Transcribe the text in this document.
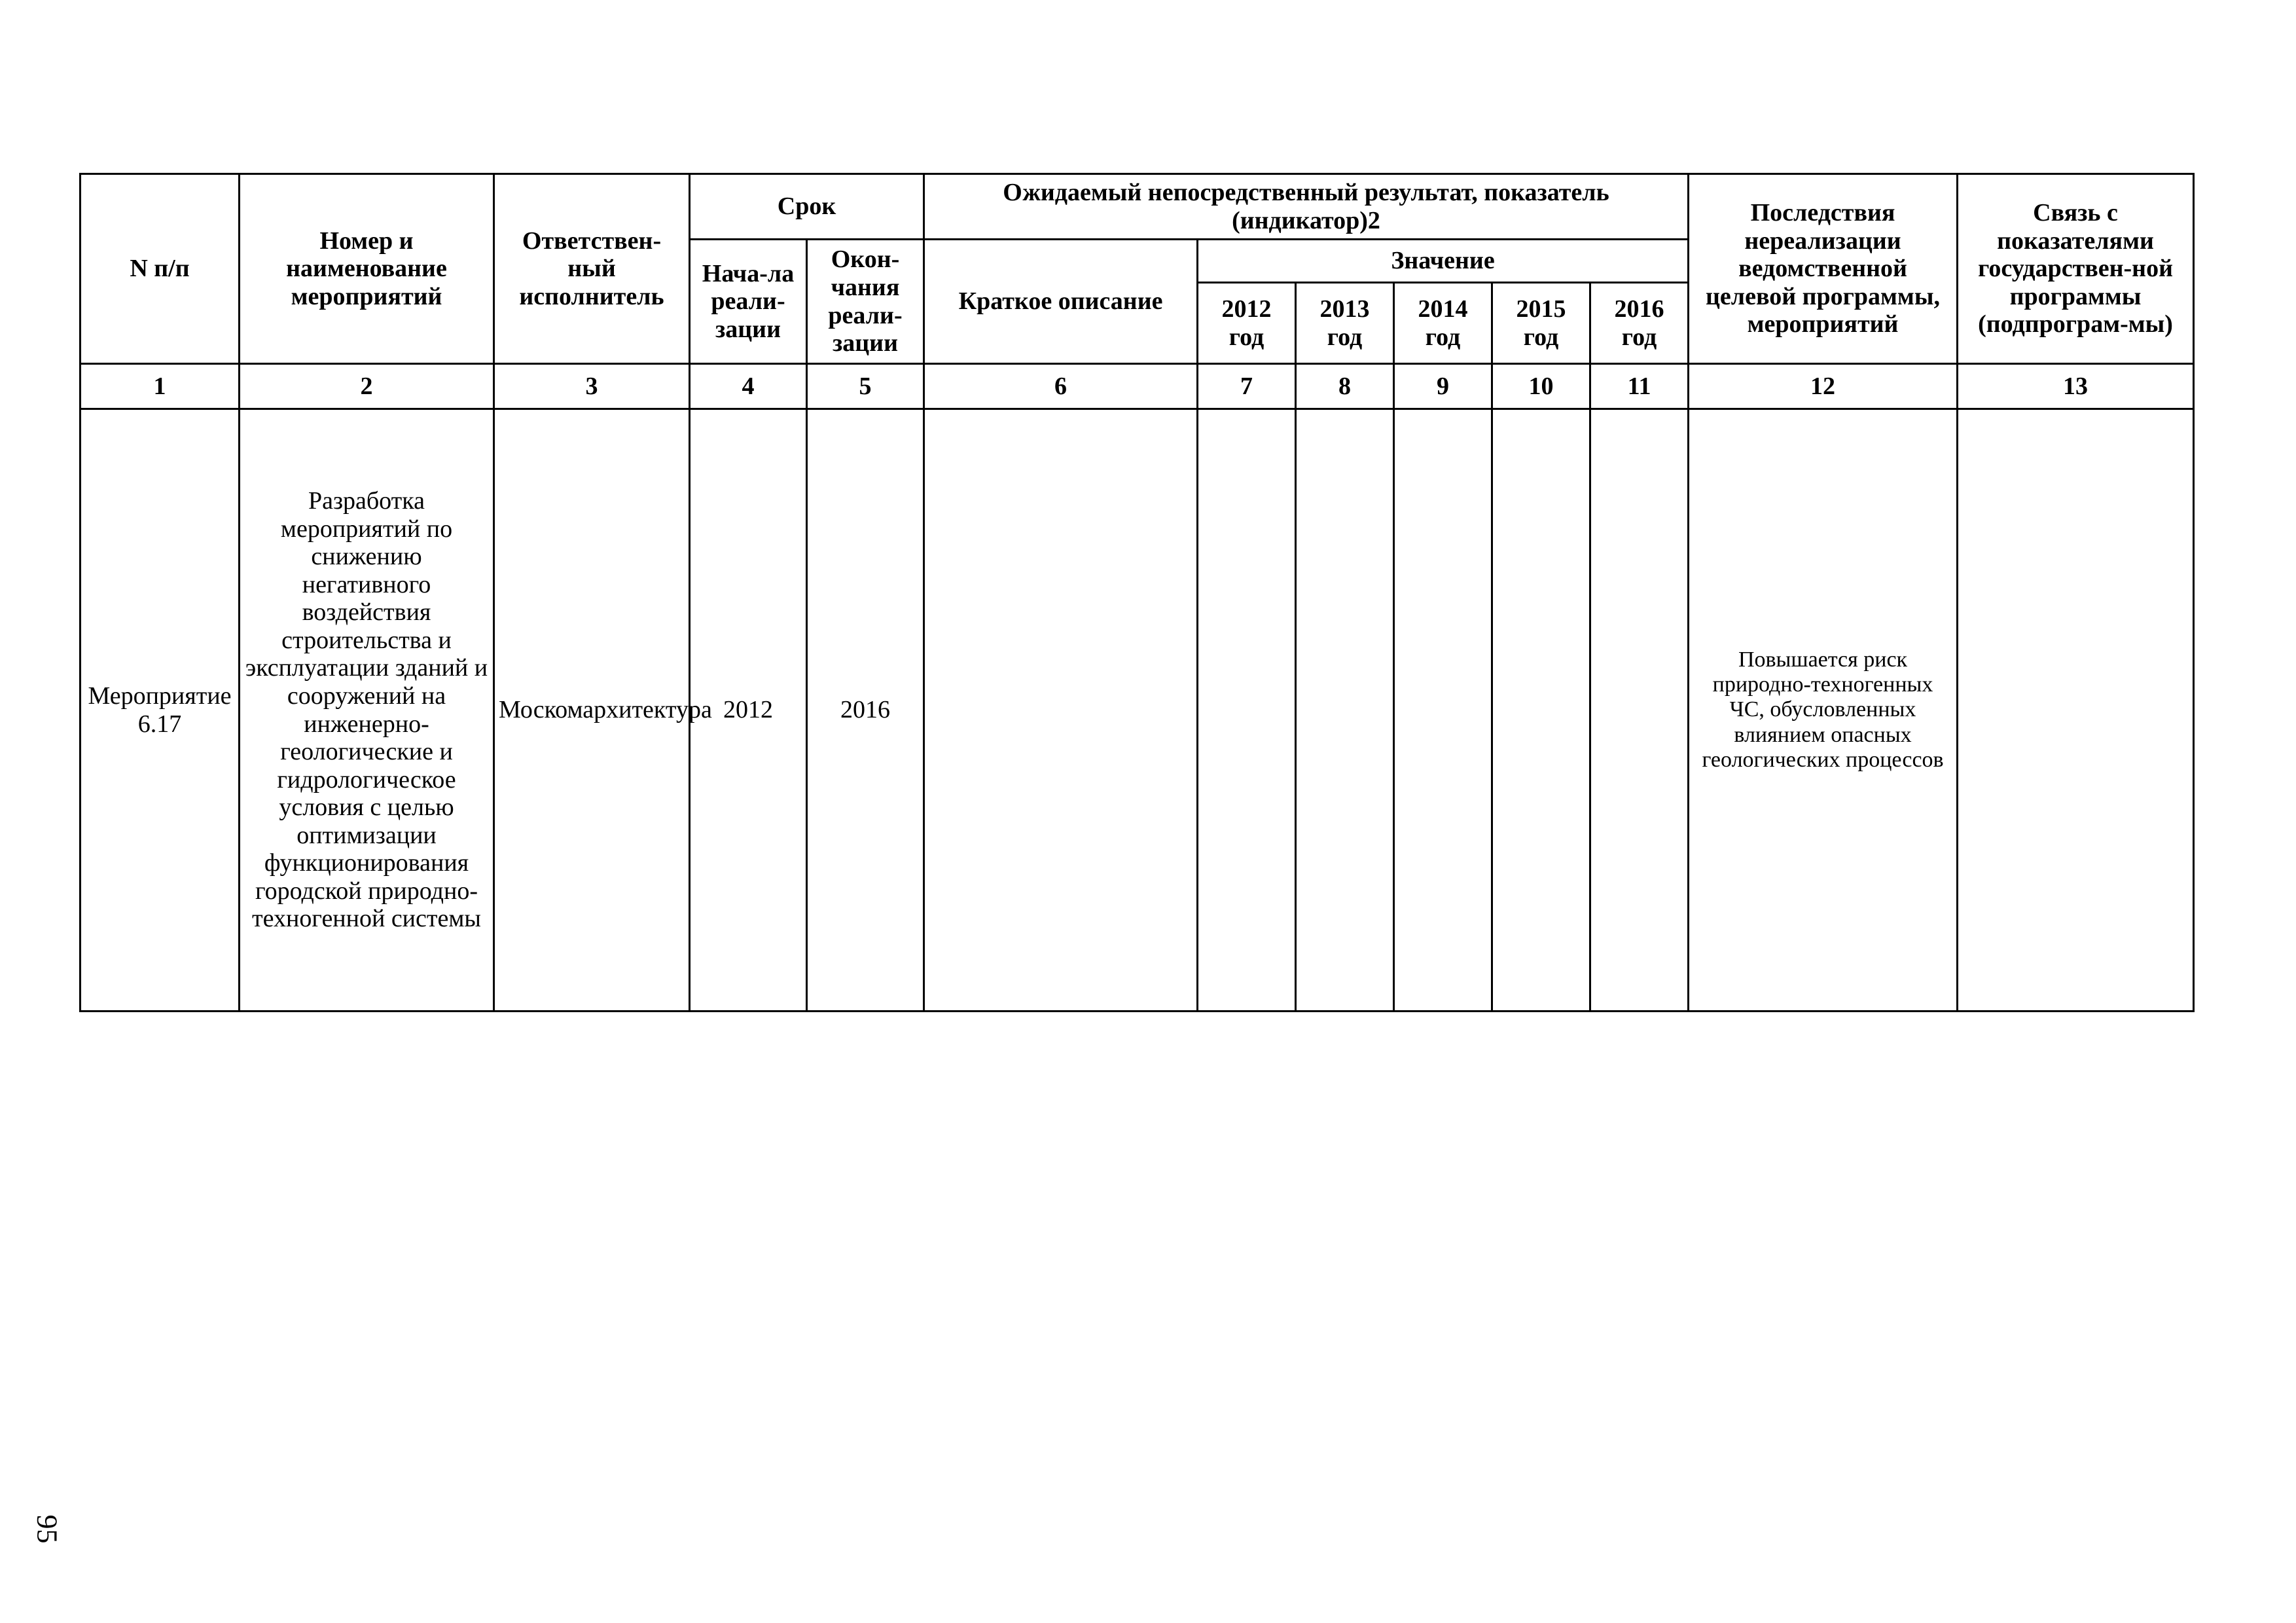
N п/п	Номер и наименование мероприятий	Ответствен-ный исполнитель	Срок		Ожидаемый непосредственный результат, показатель (индикатор)2						Последствия нереализации ведомственной целевой программы, мероприятий	Связь с показателями государствен-ной программы (подпрограм-мы)
			Нача-ла реали-зации	Окон-чания реали-зации	Краткое описание	Значение						
						2012 год	2013 год	2014 год	2015 год	2016 год		
1	2	3	4	5	6	7	8	9	10	11	12	13
Мероприятие 6.17	Разработка мероприятий по снижению негативного воздействия строительства и эксплуатации зданий и сооружений на инженерно-геологические и гидрологическое условия с целью оптимизации функционирования городской природно-техногенной системы	Москомархитектура	2012	2016							Повышается риск природно-техногенных ЧС, обусловленных влиянием опасных геологических процессов	
95
